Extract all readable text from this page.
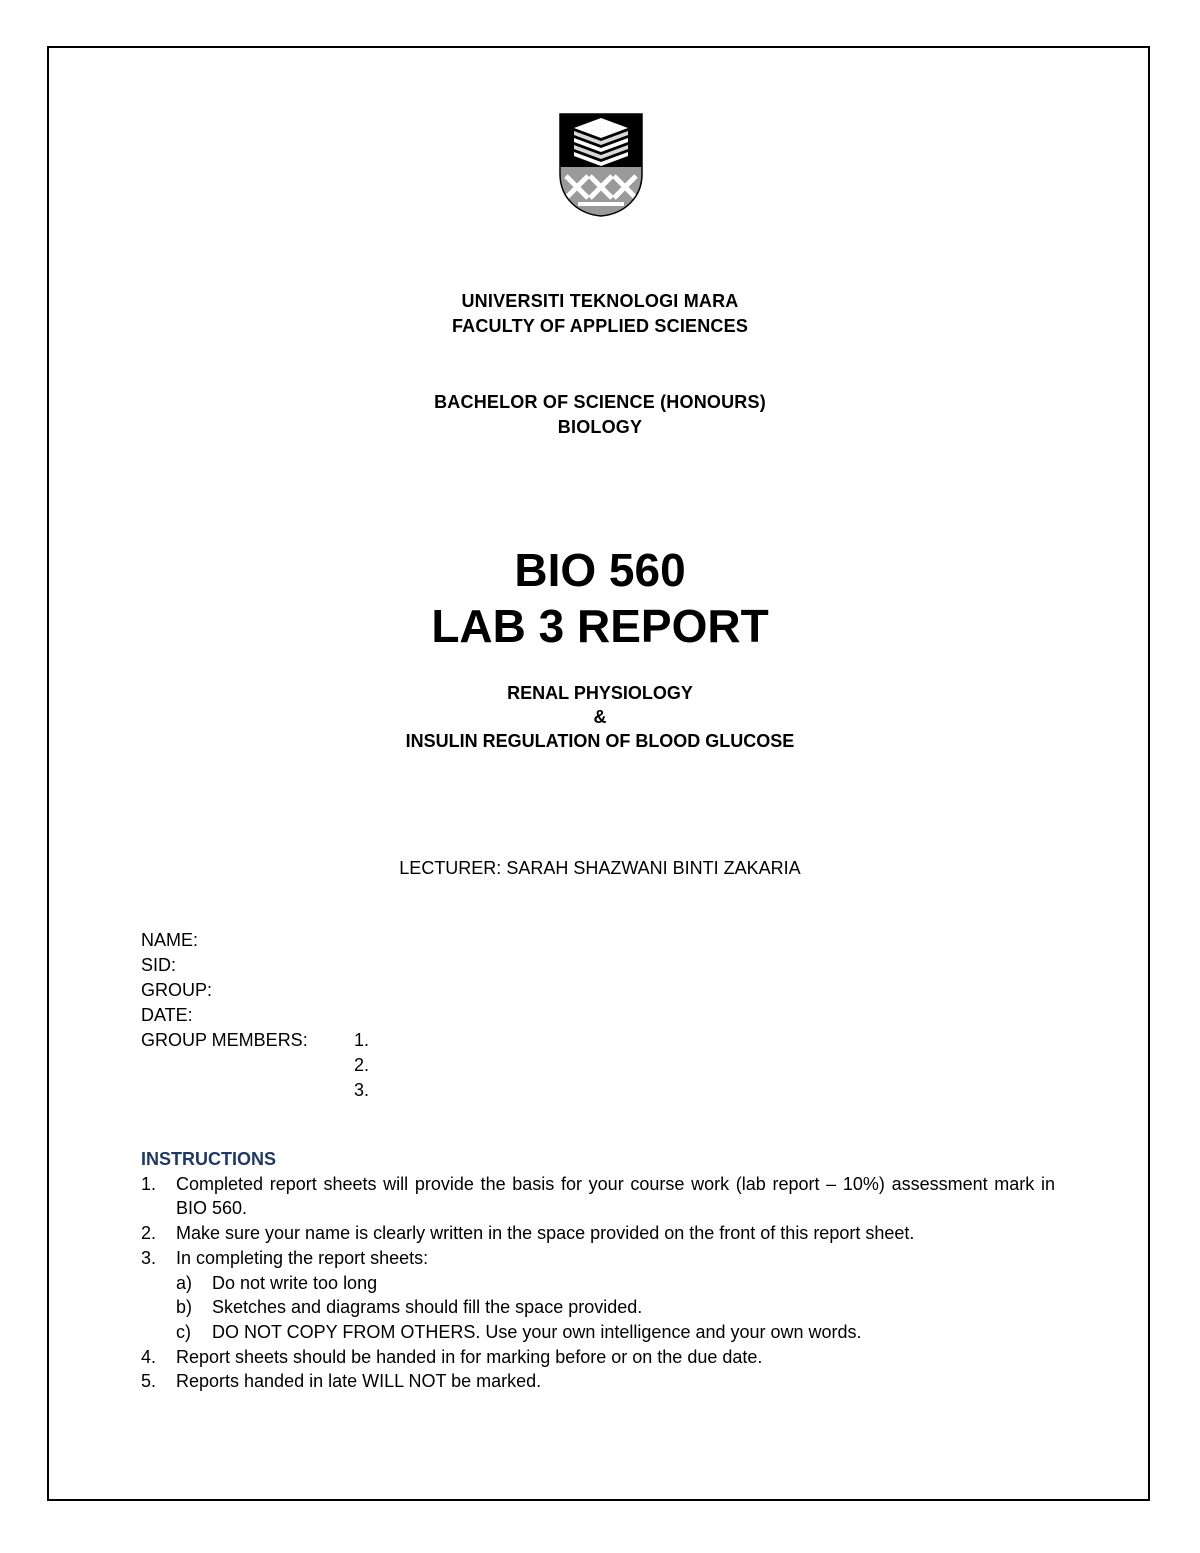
UNIVERSITI TEKNOLOGI MARA
FACULTY OF APPLIED SCIENCES
BACHELOR OF SCIENCE (HONOURS)
BIOLOGY
BIO 560
LAB 3 REPORT
RENAL PHYSIOLOGY
&
INSULIN REGULATION OF BLOOD GLUCOSE
LECTURER: SARAH SHAZWANI BINTI ZAKARIA
NAME:
SID:
GROUP:
DATE:
GROUP MEMBERS:	1.
2.
3.
INSTRUCTIONS
1.	Completed report sheets will provide the basis for your course work (lab report – 10%) assessment mark in BIO 560.
2.	Make sure your name is clearly written in the space provided on the front of this report sheet.
3.	In completing the report sheets:
a)	Do not write too long
b)	Sketches and diagrams should fill the space provided.
c)	DO NOT COPY FROM OTHERS. Use your own intelligence and your own words.
4.	Report sheets should be handed in for marking before or on the due date.
5.	Reports handed in late WILL NOT be marked.
